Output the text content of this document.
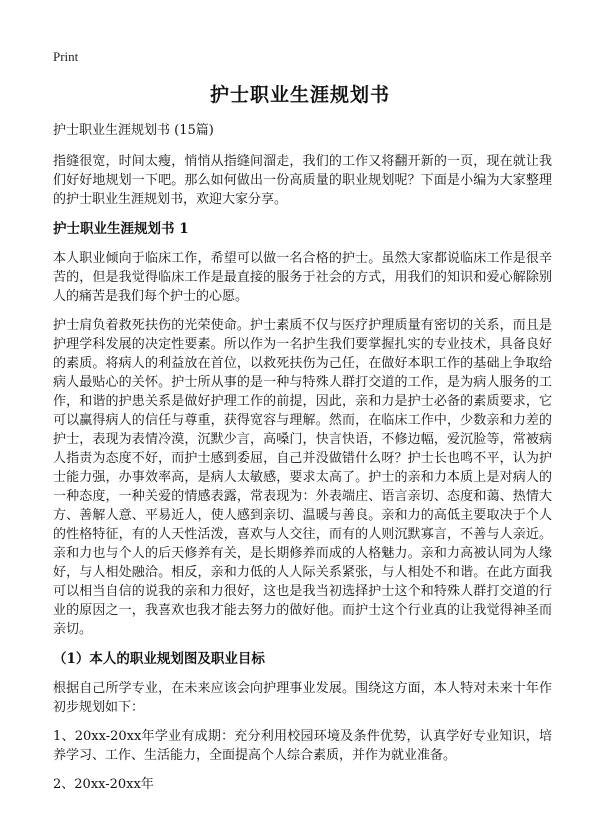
Print
护士职业生涯规划书
护士职业生涯规划书 (15篇)

指缝很宽，时间太瘦，悄悄从指缝间溜走，我们的工作又将翻开新的一页，现在就让我们好好地规划一下吧。那么如何做出一份高质量的职业规划呢？下面是小编为大家整理的护士职业生涯规划书，欢迎大家分享。

护士职业生涯规划书 1

本人职业倾向于临床工作，希望可以做一名合格的护士。虽然大家都说临床工作是很辛苦的，但是我觉得临床工作是最直接的服务于社会的方式，用我们的知识和爱心解除别人的痛苦是我们每个护士的心愿。

护士肩负着救死扶伤的光荣使命。护士素质不仅与医疗护理质量有密切的关系，而且是护理学科发展的决定性要素。所以作为一名护生我们要掌握扎实的专业技术，具备良好的素质。将病人的利益放在首位，以救死扶伤为己任，在做好本职工作的基础上争取给病人最贴心的关怀。护士所从事的是一种与特殊人群打交道的工作，是为病人服务的工作，和谐的护患关系是做好护理工作的前提，因此，亲和力是护士必备的素质要求，它可以赢得病人的信任与尊重，获得宽容与理解。然而，在临床工作中，少数亲和力差的护士，表现为表情冷漠，沉默少言，高嗓门，快言快语，不修边幅，爱沉脸等，常被病人指责为态度不好，而护士感到委屈，自己并没做错什么呀？护士长也鸣不平，认为护士能力强，办事效率高，是病人太敏感，要求太高了。护士的亲和力本质上是对病人的一种态度，一种关爱的情感表露，常表现为：外表端庄、语言亲切、态度和蔼、热情大方、善解人意、平易近人，使人感到亲切、温暖与善良。亲和力的高低主要取决于个人的性格特征，有的人天性活泼，喜欢与人交往，而有的人则沉默寡言，不善与人亲近。亲和力也与个人的后天修养有关，是长期修养而成的人格魅力。亲和力高被认同为人缘好，与人相处融洽。相反，亲和力低的人人际关系紧张，与人相处不和谐。在此方面我可以相当自信的说我的亲和力很好，这也是我当初选择护士这个和特殊人群打交道的行业的原因之一，我喜欢也我才能去努力的做好他。而护士这个行业真的让我觉得神圣而亲切。

（1）本人的职业规划图及职业目标

根据自己所学专业，在未来应该会向护理事业发展。围绕这方面，本人特对未来十年作初步规划如下：

1、20xx-20xx年学业有成期：充分利用校园环境及条件优势，认真学好专业知识，培养学习、工作、生活能力，全面提高个人综合素质，并作为就业准备。

2、20xx-20xx年
